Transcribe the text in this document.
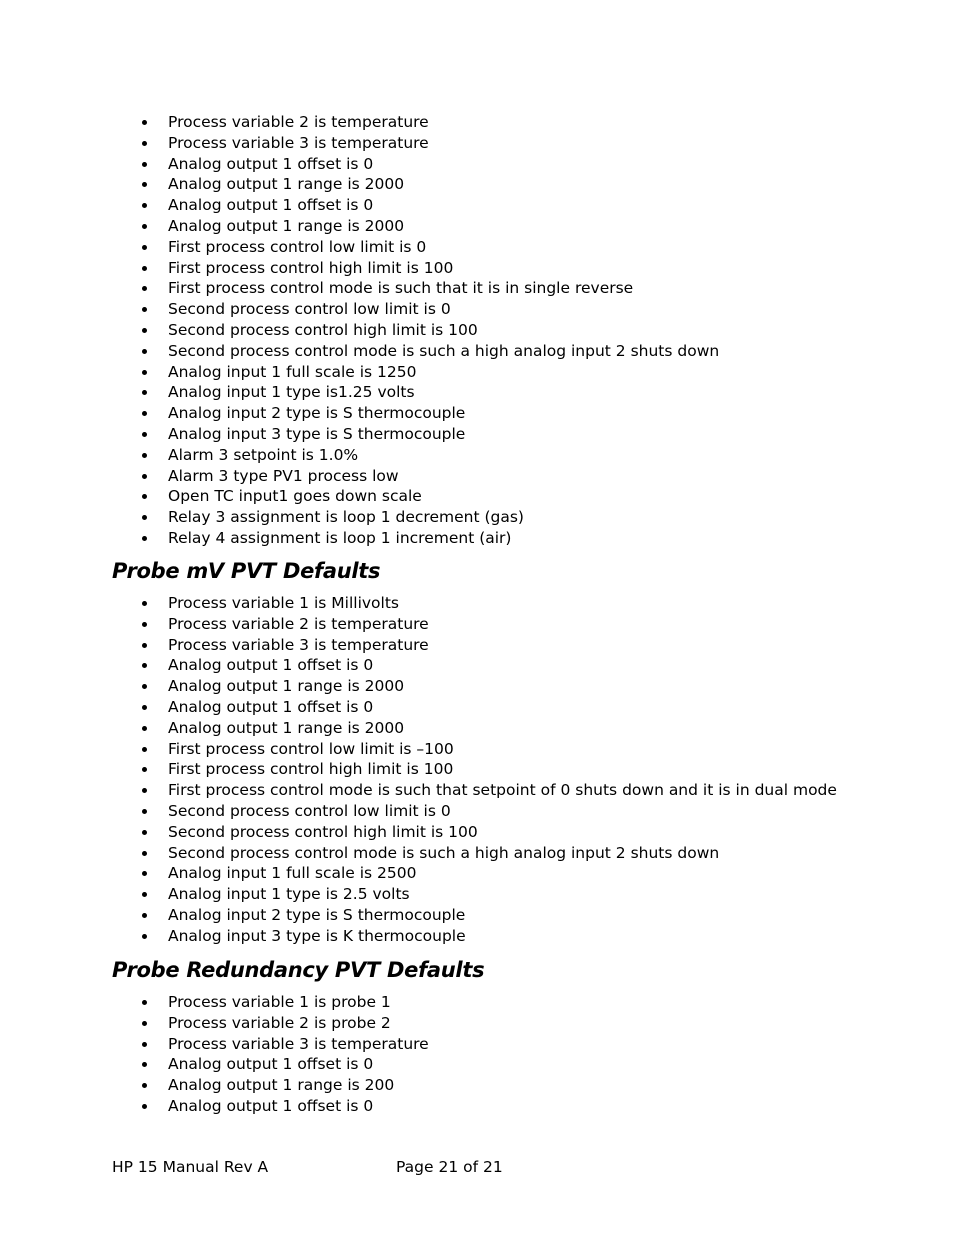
Process variable 2 is temperature
Process variable 3 is temperature
Analog output 1 offset is 0
Analog output 1 range is 2000
Analog output 1 offset is 0
Analog output 1 range is 2000
First process control low limit is 0
First process control high limit is 100
First process control mode is such that it is in single reverse
Second process control low limit is 0
Second process control high limit is 100
Second process control mode is such a high analog input 2 shuts down
Analog input 1 full scale is 1250
Analog input 1 type is1.25 volts
Analog input 2 type is S thermocouple
Analog input 3 type is S thermocouple
Alarm 3 setpoint is 1.0%
Alarm 3 type PV1 process low
Open TC input1 goes down scale
Relay 3 assignment is loop 1 decrement (gas)
Relay 4 assignment is loop 1 increment (air)
Probe mV PVT Defaults
Process variable 1 is Millivolts
Process variable 2 is temperature
Process variable 3 is temperature
Analog output 1 offset is 0
Analog output 1 range is 2000
Analog output 1 offset is 0
Analog output 1 range is 2000
First process control low limit is –100
First process control high limit is 100
First process control mode is such that setpoint of 0 shuts down and it is in dual mode
Second process control low limit is 0
Second process control high limit is 100
Second process control mode is such a high analog input 2 shuts down
Analog input 1 full scale is 2500
Analog input 1 type is 2.5 volts
Analog input 2 type is S thermocouple
Analog input 3 type is K thermocouple
Probe Redundancy PVT Defaults
Process variable 1 is probe 1
Process variable 2 is probe 2
Process variable 3 is temperature
Analog output 1 offset is 0
Analog output 1 range is 200
Analog output 1 offset is 0
HP 15 Manual Rev A	Page 21 of 21
